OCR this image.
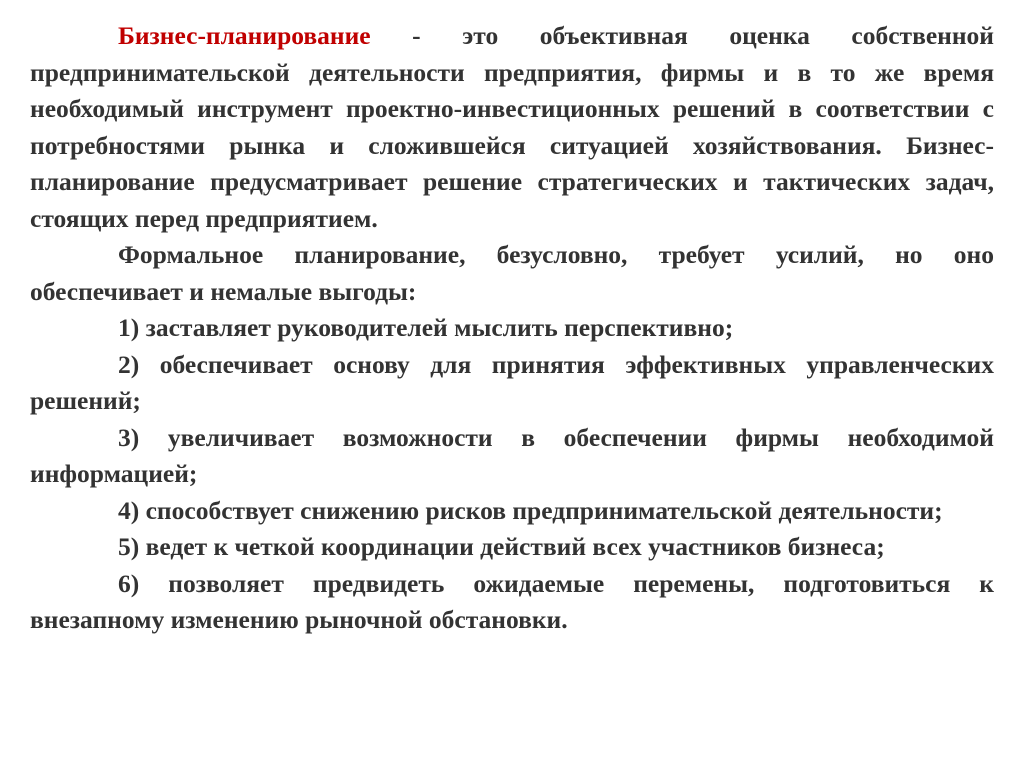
Бизнес-планирование - это объективная оценка собственной предпринимательской деятельности предприятия, фирмы и в то же время необходимый инструмент проектно-инвестиционных решений в соответствии с потребностями рынка и сложившейся ситуацией хозяйствования. Бизнес-планирование предусматривает решение стратегических и тактических задач, стоящих перед предприятием.

Формальное планирование, безусловно, требует усилий, но оно обеспечивает и немалые выгоды:

1) заставляет руководителей мыслить перспективно;

2) обеспечивает основу для принятия эффективных управленческих решений;

3) увеличивает возможности в обеспечении фирмы необходимой информацией;

4) способствует снижению рисков предпринимательской деятельности;

5) ведет к четкой координации действий всех участников бизнеса;

6) позволяет предвидеть ожидаемые перемены, подготовиться к внезапному изменению рыночной обстановки.
